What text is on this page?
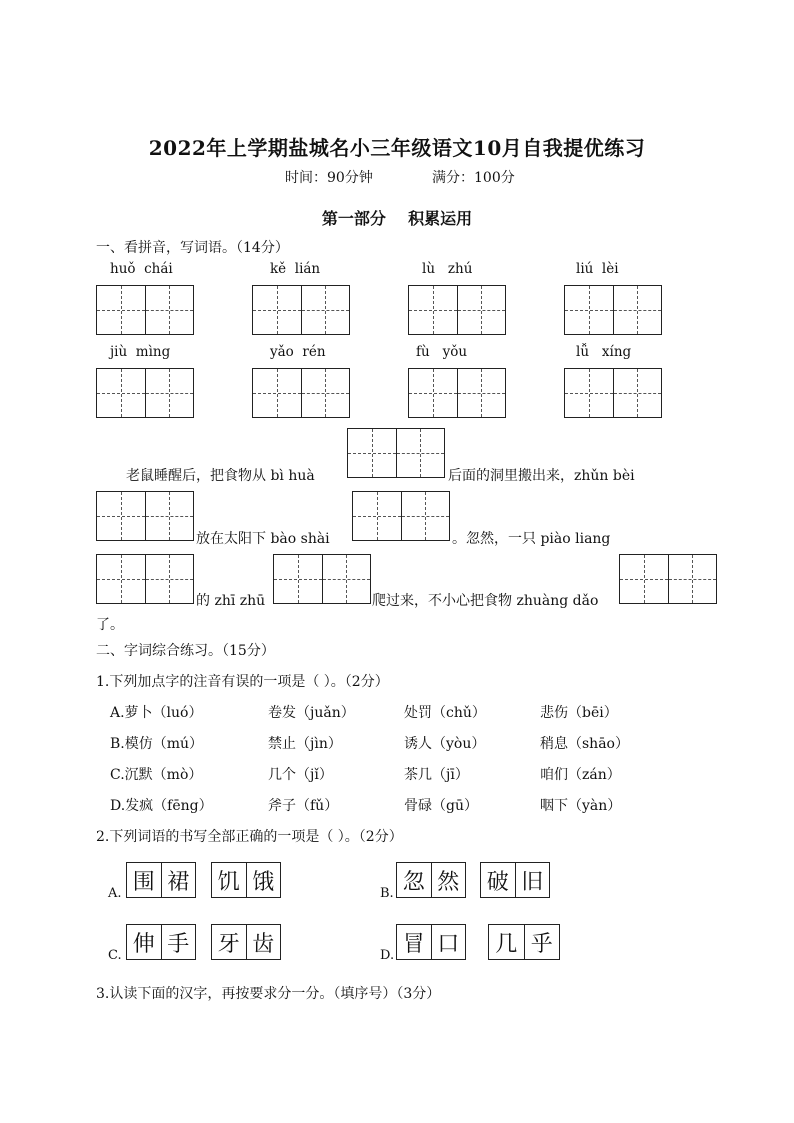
2022年上学期盐城名小三年级语文10月自我提优练习
时间：90分钟	满分：100分
第一部分    积累运用
一、看拼音，写词语。（14分）
huǒ  chái	kě  lián	lù   zhú	liú  lèi
jiù  mìng	yǎo  rén	fù   yǒu	lǚ   xíng
老鼠睡醒后，把食物从 bì huà	后面的洞里搬出来，zhǔn bèi
放在太阳下 bào shài	。忽然，一只 piào liang
的 zhī zhū	爬过来，不小心把食物 zhuàng dǎo
了。
二、字词综合练习。（15分）
1.下列加点字的注音有误的一项是（ ）。（2分）
A.萝卜（luó）	卷发（juǎn）	处罚（chǔ）	悲伤（bēi）
B.模仿（mú）	禁止（jìn）	诱人（yòu）	稍息（shāo）
C.沉默（mò）	几个（jǐ）	茶几（jī）	咱们（zán）
D.发疯（fēng）	斧子（fǔ）	骨碌（gū）	咽下（yàn）
2.下列词语的书写全部正确的一项是（ ）。（2分）
A. 围 裙 饥 饿	B. 忽 然 破 旧
C. 伸 手 牙 齿	D. 冒 口 几 乎
3.认读下面的汉字，再按要求分一分。（填序号）（3分）
